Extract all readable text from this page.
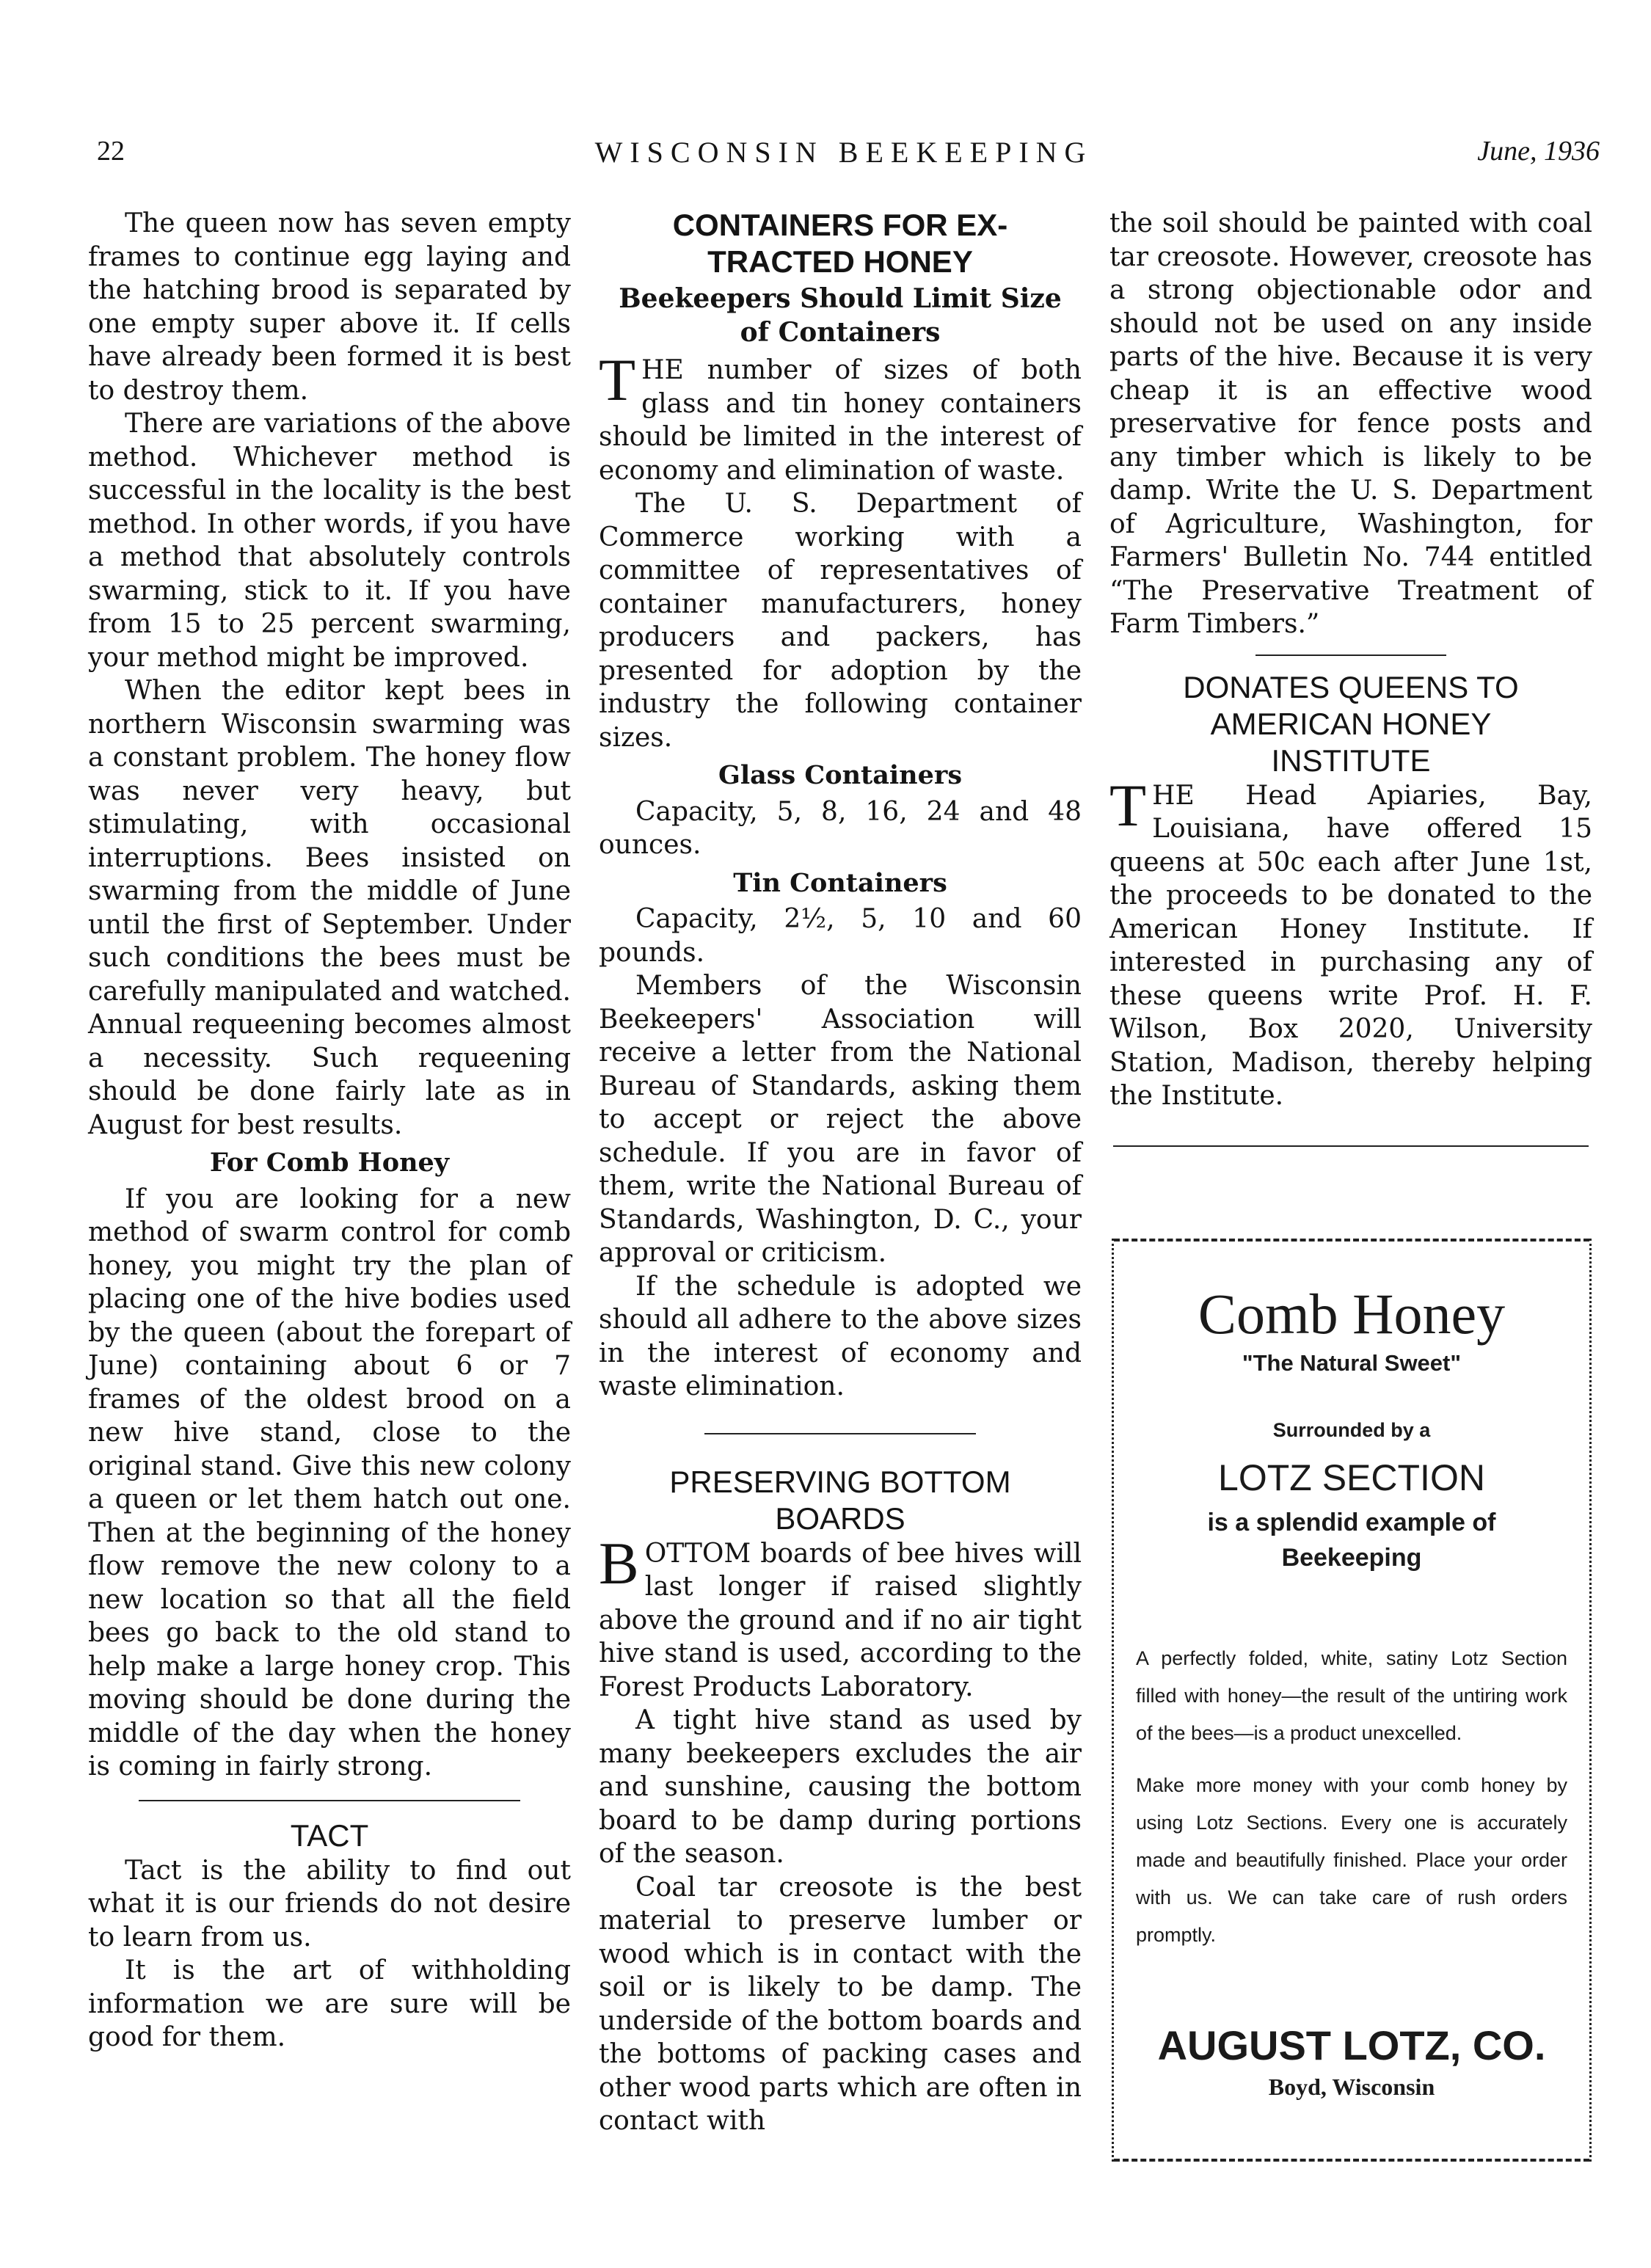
22	WISCONSIN BEEKEEPING	June, 1936

The queen now has seven empty frames to continue egg laying and the hatching brood is separated by one empty super above it. If cells have already been formed it is best to destroy them.

There are variations of the above method. Whichever method is successful in the locality is the best method. In other words, if you have a method that absolutely controls swarming, stick to it. If you have from 15 to 25 percent swarming, your method might be improved.

When the editor kept bees in northern Wisconsin swarming was a constant problem. The honey flow was never very heavy, but stimulating, with occasional interruptions. Bees insisted on swarming from the middle of June until the first of September. Under such conditions the bees must be carefully manipulated and watched. Annual requeening becomes almost a necessity. Such requeening should be done fairly late as in August for best results.

For Comb Honey

If you are looking for a new method of swarm control for comb honey, you might try the plan of placing one of the hive bodies used by the queen (about the forepart of June) containing about 6 or 7 frames of the oldest brood on a new hive stand, close to the original stand. Give this new colony a queen or let them hatch out one. Then at the beginning of the honey flow remove the new colony to a new location so that all the field bees go back to the old stand to help make a large honey crop. This moving should be done during the middle of the day when the honey is coming in fairly strong.

TACT

Tact is the ability to find out what it is our friends do not desire to learn from us.

It is the art of withholding information we are sure will be good for them.

CONTAINERS FOR EX-
TRACTED HONEY
Beekeepers Should Limit Size
of Containers

THE number of sizes of both glass and tin honey containers should be limited in the interest of economy and elimination of waste.

The U. S. Department of Commerce working with a committee of representatives of container manufacturers, honey producers and packers, has presented for adoption by the industry the following container sizes.

Glass Containers

Capacity, 5, 8, 16, 24 and 48 ounces.

Tin Containers

Capacity, 2½, 5, 10 and 60 pounds.

Members of the Wisconsin Beekeepers' Association will receive a letter from the National Bureau of Standards, asking them to accept or reject the above schedule. If you are in favor of them, write the National Bureau of Standards, Washington, D. C., your approval or criticism.

If the schedule is adopted we should all adhere to the above sizes in the interest of economy and waste elimination.

PRESERVING BOTTOM
BOARDS

BOTTOM boards of bee hives will last longer if raised slightly above the ground and if no air tight hive stand is used, according to the Forest Products Laboratory.

A tight hive stand as used by many beekeepers excludes the air and sunshine, causing the bottom board to be damp during portions of the season.

Coal tar creosote is the best material to preserve lumber or wood which is in contact with the soil or is likely to be damp. The underside of the bottom boards and the bottoms of packing cases and other wood parts which are often in contact with

the soil should be painted with coal tar creosote. However, creosote has a strong objectionable odor and should not be used on any inside parts of the hive. Because it is very cheap it is an effective wood preservative for fence posts and any timber which is likely to be damp. Write the U. S. Department of Agriculture, Washington, for Farmers' Bulletin No. 744 entitled “The Preservative Treatment of Farm Timbers.”

DONATES QUEENS TO
AMERICAN HONEY
INSTITUTE

THE Head Apiaries, Bay, Louisiana, have offered 15 queens at 50c each after June 1st, the proceeds to be donated to the American Honey Institute. If interested in purchasing any of these queens write Prof. H. F. Wilson, Box 2020, University Station, Madison, thereby helping the Institute.

Comb Honey
"The Natural Sweet"
Surrounded by a
LOTZ SECTION
is a splendid example of Beekeeping

A perfectly folded, white, satiny Lotz Section filled with honey—the result of the untiring work of the bees—is a product unexcelled.

Make more money with your comb honey by using Lotz Sections. Every one is accurately made and beautifully finished. Place your order with us. We can take care of rush orders promptly.

AUGUST LOTZ, CO.
Boyd, Wisconsin
